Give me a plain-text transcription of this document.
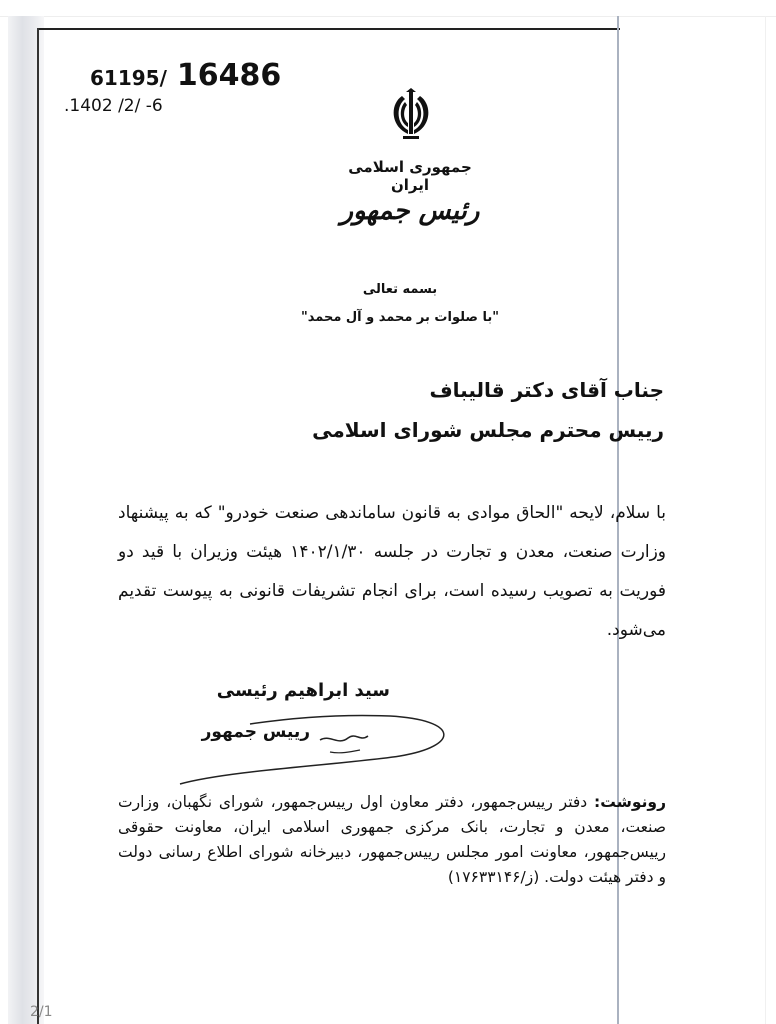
61195/ 16486
.1402 /2/ -6
جمهوری اسلامی ایران
رئیس جمهور
بسمه تعالی
"با صلوات بر محمد و آل محمد"
جناب آقای دکتر قالیباف
رییس محترم مجلس شورای اسلامی
با سلام، لایحه "الحاق موادی به قانون ساماندهی صنعت خودرو" که به پیشنهاد وزارت صنعت، معدن و تجارت در جلسه ۱۴۰۲/۱/۳۰ هیئت وزیران با قید دو فوریت به تصویب رسیده است، برای انجام تشریفات قانونی به پیوست تقدیم می‌شود.
سید ابراهیم رئیسی
رییس جمهور
رونوشت: دفتر رییس‌جمهور، دفتر معاون اول رییس‌جمهور، شورای نگهبان، وزارت صنعت، معدن و تجارت، بانک مرکزی جمهوری اسلامی ایران، معاونت حقوقی رییس‌جمهور، معاونت امور مجلس رییس‌جمهور، دبیرخانه شورای اطلاع رسانی دولت و دفتر هیئت دولت. (ز/۱۷۶۳۳۱۴۶)
2/1
